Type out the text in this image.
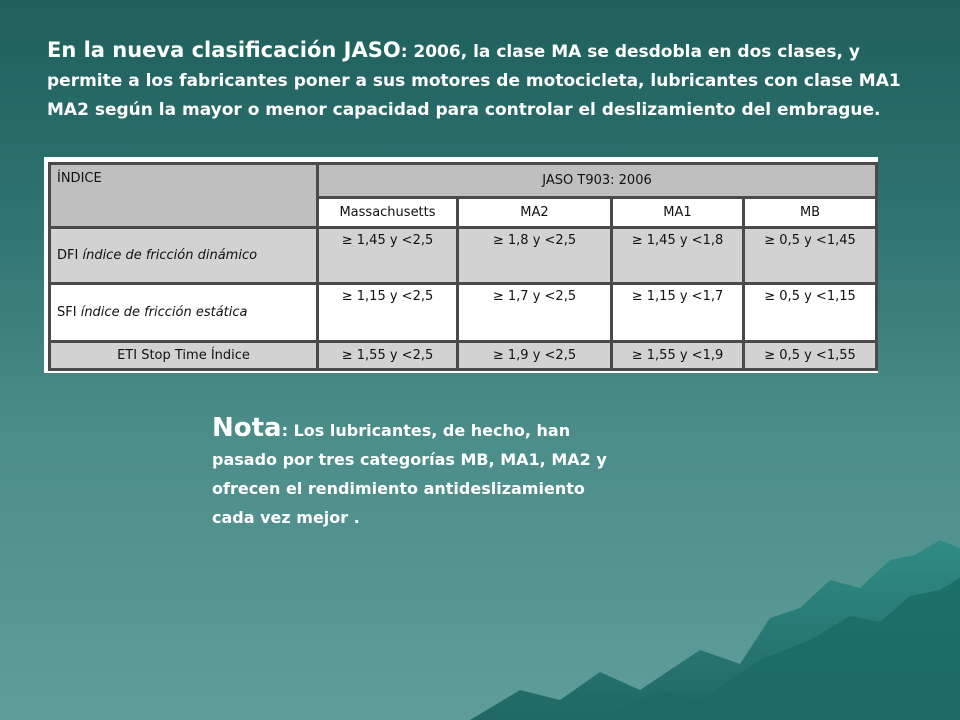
En la nueva clasificación JASO: 2006, la clase MA se desdobla en dos clases, y permite a los fabricantes poner a sus motores de motocicleta, lubricantes con clase MA1 MA2 según la mayor o menor capacidad para controlar el deslizamiento del embrague.
ÍNDICE	JASO T903: 2006			
	Massachusetts	MA2	MA1	MB
DFI índice de fricción dinámico	≥ 1,45 y <2,5	≥ 1,8 y <2,5	≥ 1,45 y <1,8	≥ 0,5 y <1,45
SFI índice de fricción estática	≥ 1,15 y <2,5	≥ 1,7 y <2,5	≥ 1,15 y <1,7	≥ 0,5 y <1,15
ETI Stop Time Índice	≥ 1,55 y <2,5	≥ 1,9 y <2,5	≥ 1,55 y <1,9	≥ 0,5 y <1,55
Nota: Los lubricantes, de hecho, han pasado por tres categorías MB, MA1, MA2 y ofrecen el rendimiento antideslizamiento cada vez mejor .
